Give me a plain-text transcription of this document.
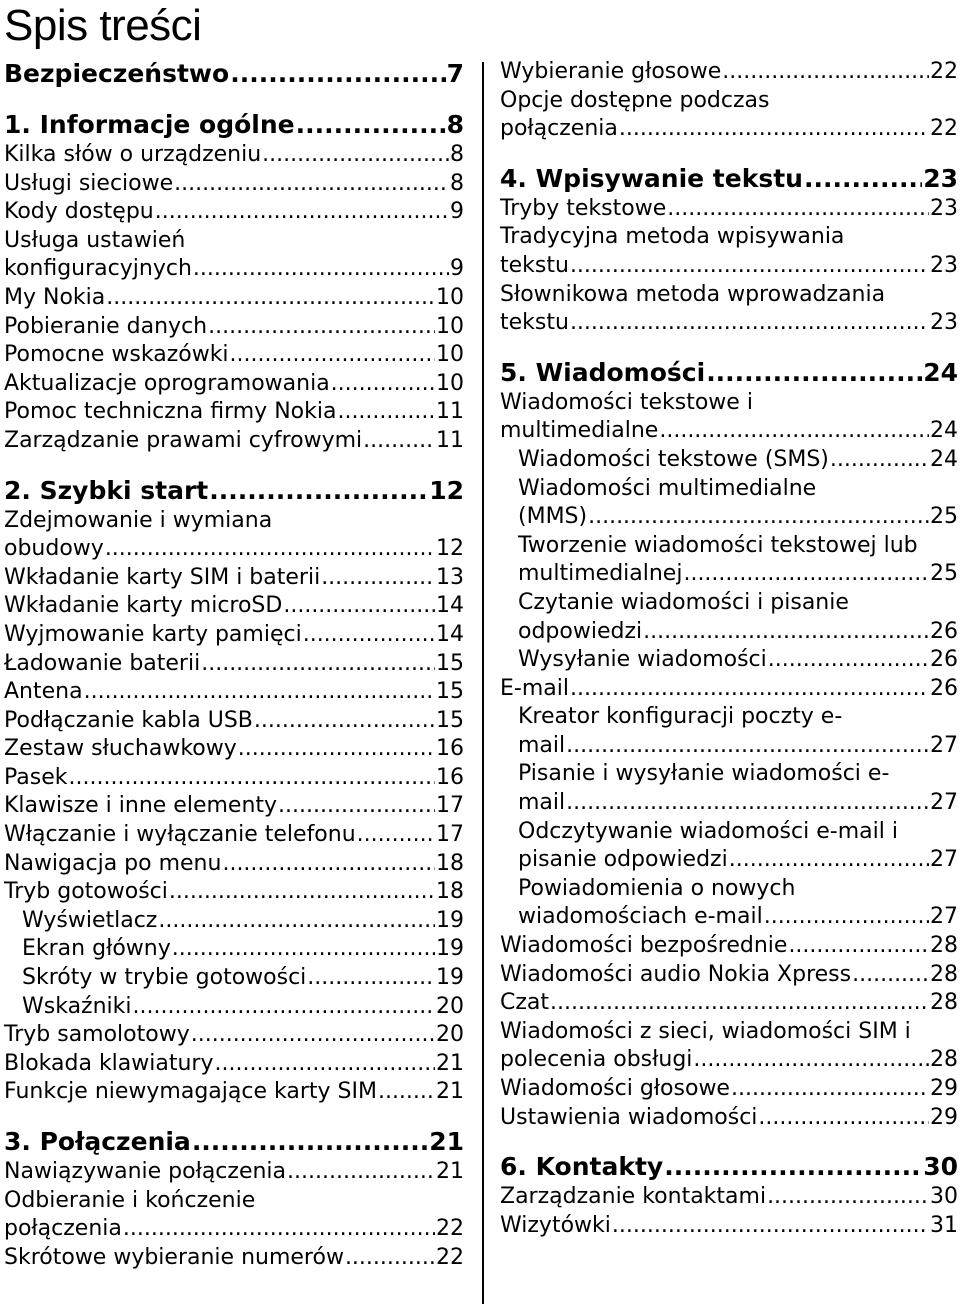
Spis treści
Bezpieczeństwo .....	7
1. Informacje ogólne .....	8
Kilka słów o urządzeniu .....	8
Usługi sieciowe .....	8
Kody dostępu .....	9
Usługa ustawień
konfiguracyjnych .....	9
My Nokia .....	10
Pobieranie danych .....	10
Pomocne wskazówki .....	10
Aktualizacje oprogramowania .....	10
Pomoc techniczna firmy Nokia .....	11
Zarządzanie prawami cyfrowymi .....	11
2. Szybki start .....	12
Zdejmowanie i wymiana
obudowy .....	12
Wkładanie karty SIM i baterii .....	13
Wkładanie karty microSD .....	14
Wyjmowanie karty pamięci .....	14
Ładowanie baterii .....	15
Antena .....	15
Podłączanie kabla USB .....	15
Zestaw słuchawkowy .....	16
Pasek .....	16
Klawisze i inne elementy .....	17
Włączanie i wyłączanie telefonu .....	17
Nawigacja po menu .....	18
Tryb gotowości .....	18
Wyświetlacz .....	19
Ekran główny .....	19
Skróty w trybie gotowości .....	19
Wskaźniki .....	20
Tryb samolotowy .....	20
Blokada klawiatury .....	21
Funkcje niewymagające karty SIM .....	21
3. Połączenia .....	21
Nawiązywanie połączenia .....	21
Odbieranie i kończenie
połączenia .....	22
Skrótowe wybieranie numerów .....	22
Wybieranie głosowe .....	22
Opcje dostępne podczas
połączenia .....	22
4. Wpisywanie tekstu .....	23
Tryby tekstowe .....	23
Tradycyjna metoda wpisywania
tekstu .....	23
Słownikowa metoda wprowadzania
tekstu .....	23
5. Wiadomości .....	24
Wiadomości tekstowe i
multimedialne .....	24
Wiadomości tekstowe (SMS) .....	24
Wiadomości multimedialne
(MMS) .....	25
Tworzenie wiadomości tekstowej lub
multimedialnej .....	25
Czytanie wiadomości i pisanie
odpowiedzi .....	26
Wysyłanie wiadomości .....	26
E-mail .....	26
Kreator konfiguracji poczty e-
mail .....	27
Pisanie i wysyłanie wiadomości e-
mail .....	27
Odczytywanie wiadomości e-mail i
pisanie odpowiedzi .....	27
Powiadomienia o nowych
wiadomościach e-mail .....	27
Wiadomości bezpośrednie .....	28
Wiadomości audio Nokia Xpress .....	28
Czat .....	28
Wiadomości z sieci, wiadomości SIM i
polecenia obsługi .....	28
Wiadomości głosowe .....	29
Ustawienia wiadomości .....	29
6. Kontakty .....	30
Zarządzanie kontaktami .....	30
Wizytówki .....	31
